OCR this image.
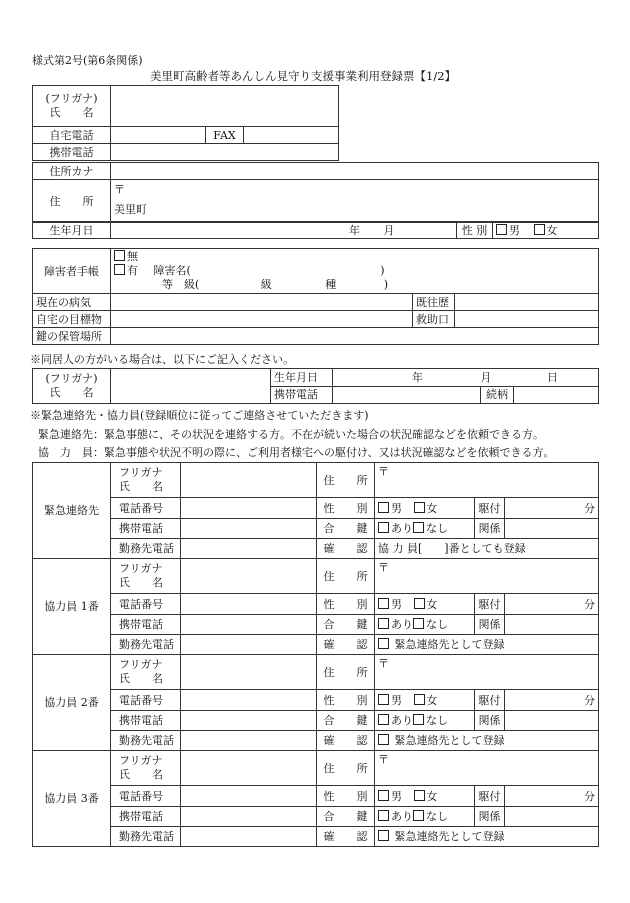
様式第2号(第6条関係)
美里町高齢者等あんしん見守り支援事業利用登録票【1/2】
(フリガナ)
氏　　名			

自宅電話		FAX	
携帯電話			
住所カナ	
住　　所	〒
美里町
生年月日	年 月	性 別	男 女
障害者手帳	無
有 障害名( )
等　級( 級 種 )		

現在の病気		既往歴	
自宅の目標物		救助口	
鍵の保管場所			
※同居人の方がいる場合は、以下にご記入ください。
(フリガナ)
氏　　名		生年月日	年 月 日		
		携帯電話		続柄	
※緊急連絡先・協力員(登録順位に従ってご連絡させていただきます)
緊急連絡先：緊急事態に、その状況を連絡する方。不在が続いた場合の状況確認などを依頼できる方。
協　力　員：緊急事態や状況不明の際に、ご利用者様宅への駆付け、又は状況確認などを依頼できる方。
緊急連絡先	フリガナ
氏　　名		住　　所	〒		
	電話番号		性　　別	男 女	駆付	分
	携帯電話		合　　鍵	あり なし	関係	
	勤務先電話		確　　認	協 力 員[　　]番としても登録		
協力員 1番	フリガナ
氏　　名		住　　所	〒		
	電話番号		性　　別	男 女	駆付	分
	携帯電話		合　　鍵	あり なし	関係	
	勤務先電話		確　　認	緊急連絡先として登録		
協力員 2番	フリガナ
氏　　名		住　　所	〒		
	電話番号		性　　別	男 女	駆付	分
	携帯電話		合　　鍵	あり なし	関係	
	勤務先電話		確　　認	緊急連絡先として登録		
協力員 3番	フリガナ
氏　　名		住　　所	〒		
	電話番号		性　　別	男 女	駆付	分
	携帯電話		合　　鍵	あり なし	関係	
	勤務先電話		確　　認	緊急連絡先として登録		
